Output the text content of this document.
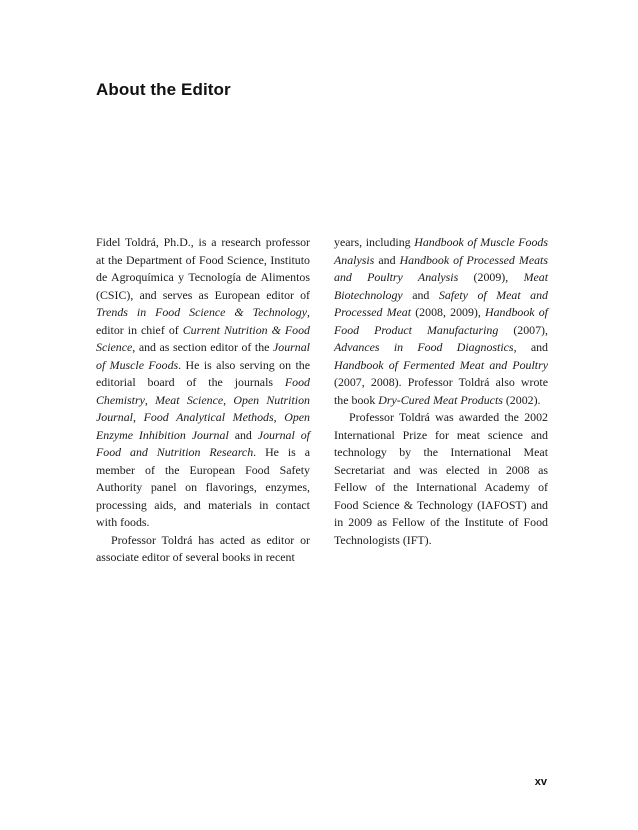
About the Editor

Fidel Toldrá, Ph.D., is a research professor at the Department of Food Science, Instituto de Agroquímica y Tecnología de Alimentos (CSIC), and serves as European editor of Trends in Food Science & Technology, editor in chief of Current Nutrition & Food Science, and as section editor of the Journal of Muscle Foods. He is also serving on the editorial board of the journals Food Chemistry, Meat Science, Open Nutrition Journal, Food Analytical Methods, Open Enzyme Inhibition Journal and Journal of Food and Nutrition Research. He is a member of the European Food Safety Authority panel on flavorings, enzymes, processing aids, and materials in contact with foods.

Professor Toldrá has acted as editor or associate editor of several books in recent

years, including Handbook of Muscle Foods Analysis and Handbook of Processed Meats and Poultry Analysis (2009), Meat Biotechnology and Safety of Meat and Processed Meat (2008, 2009), Handbook of Food Product Manufacturing (2007), Advances in Food Diagnostics, and Handbook of Fermented Meat and Poultry (2007, 2008). Professor Toldrá also wrote the book Dry-Cured Meat Products (2002).

Professor Toldrá was awarded the 2002 International Prize for meat science and technology by the International Meat Secretariat and was elected in 2008 as Fellow of the International Academy of Food Science & Technology (IAFOST) and in 2009 as Fellow of the Institute of Food Technologists (IFT).

xv
